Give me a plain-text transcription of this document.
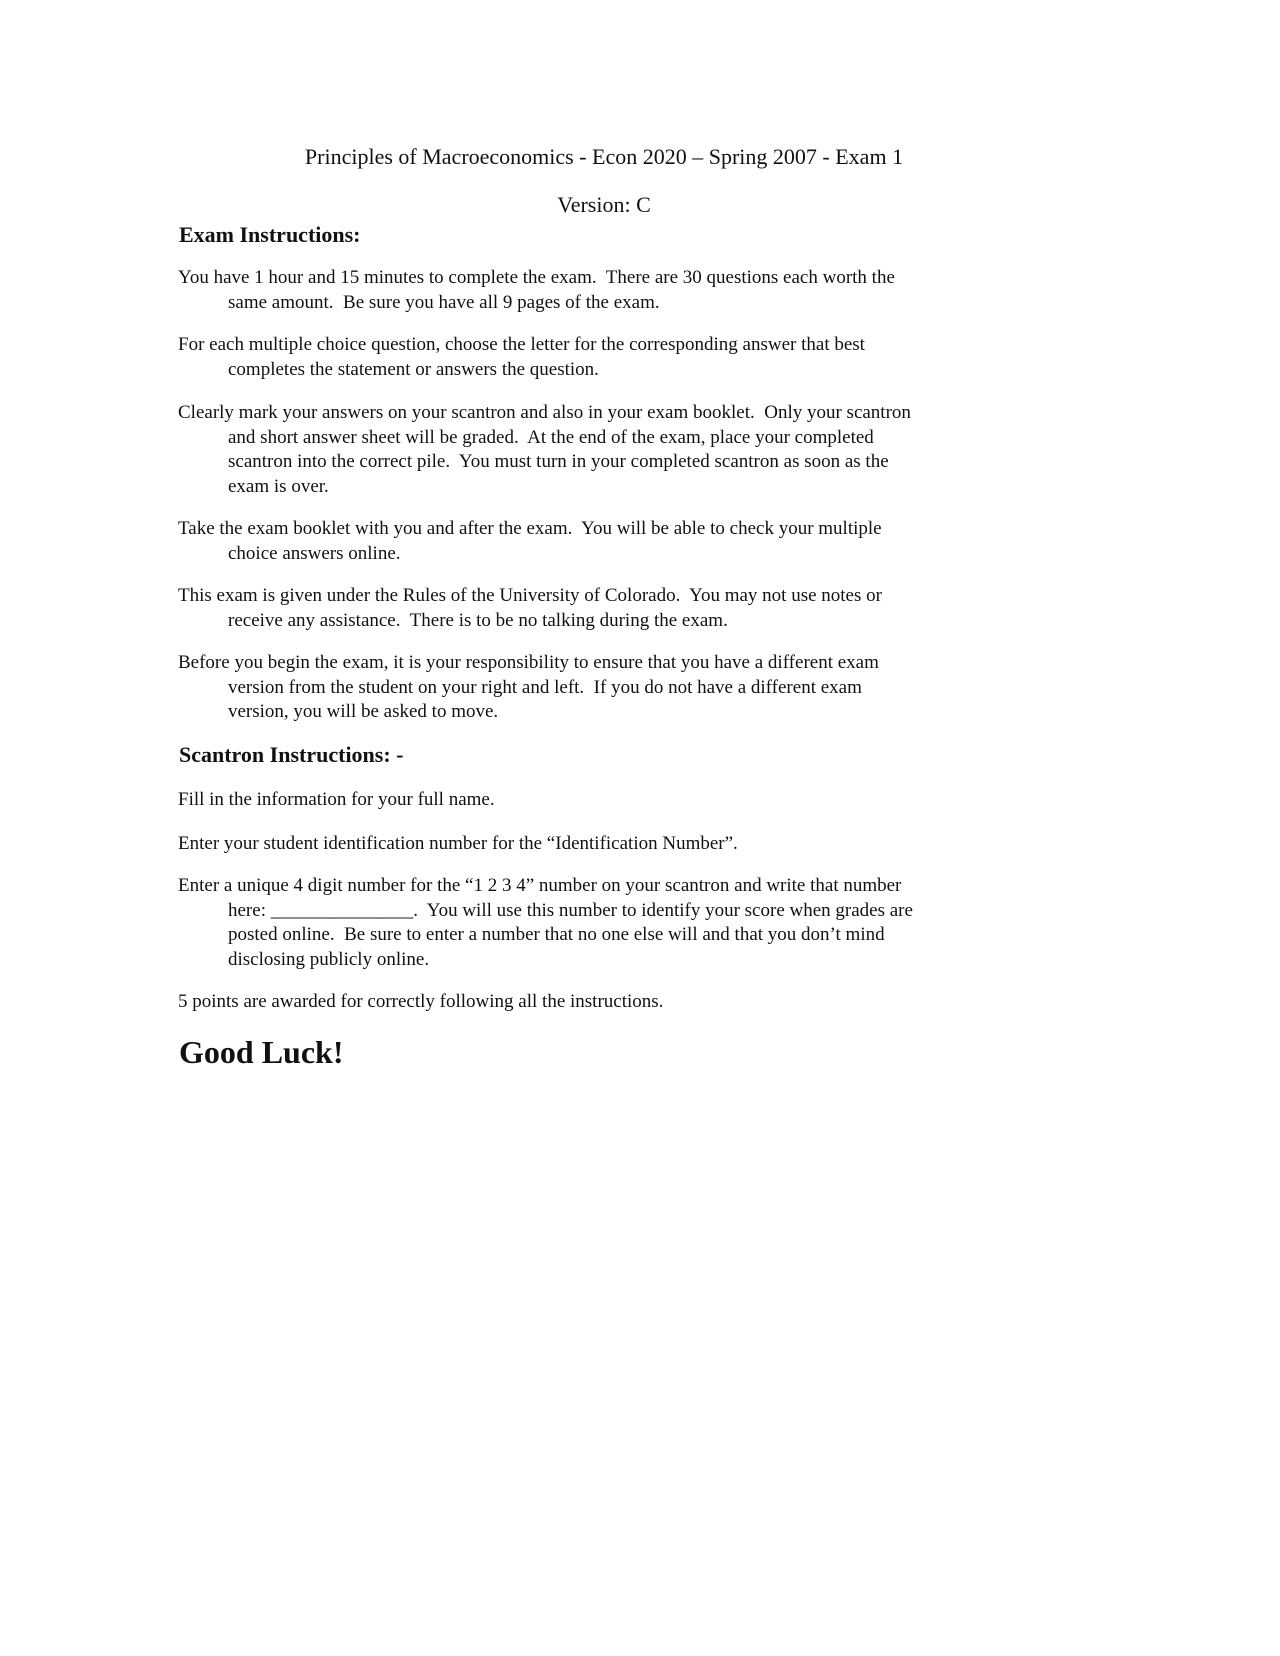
Principles of Macroeconomics - Econ 2020 – Spring 2007 - Exam 1
Version: C
Exam Instructions:
You have 1 hour and 15 minutes to complete the exam.  There are 30 questions each worth the
same amount.  Be sure you have all 9 pages of the exam.
For each multiple choice question, choose the letter for the corresponding answer that best
completes the statement or answers the question.
Clearly mark your answers on your scantron and also in your exam booklet.  Only your scantron
and short answer sheet will be graded.  At the end of the exam, place your completed
scantron into the correct pile.  You must turn in your completed scantron as soon as the
exam is over.
Take the exam booklet with you and after the exam.  You will be able to check your multiple
choice answers online.
This exam is given under the Rules of the University of Colorado.  You may not use notes or
receive any assistance.  There is to be no talking during the exam.
Before you begin the exam, it is your responsibility to ensure that you have a different exam
version from the student on your right and left.  If you do not have a different exam
version, you will be asked to move.
Scantron Instructions: -
Fill in the information for your full name.
Enter your student identification number for the “Identification Number”.
Enter a unique 4 digit number for the “1 2 3 4” number on your scantron and write that number
here: _______________.  You will use this number to identify your score when grades are
posted online.  Be sure to enter a number that no one else will and that you don’t mind
disclosing publicly online.
5 points are awarded for correctly following all the instructions.
Good Luck!
